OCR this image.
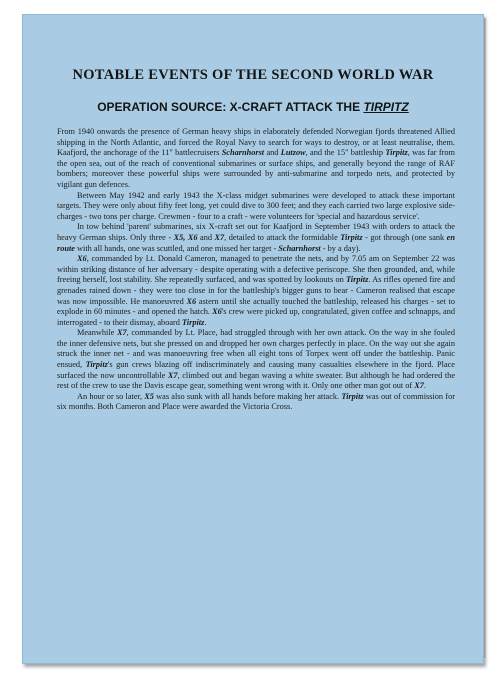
NOTABLE EVENTS OF THE SECOND WORLD WAR
OPERATION SOURCE: X-CRAFT ATTACK THE TIRPITZ

From 1940 onwards the presence of German heavy ships in elaborately defended Norwegian fjords threatened Allied shipping in the North Atlantic, and forced the Royal Navy to search for ways to destroy, or at least neutralise, them. Kaafjord, the anchorage of the 11" battlecruisers Scharnhorst and Lutzow, and the 15" battleship Tirpitz, was far from the open sea, out of the reach of conventional submarines or surface ships, and generally beyond the range of RAF bombers; moreover these powerful ships were surrounded by anti-submarine and torpedo nets, and protected by vigilant gun defences.

Between May 1942 and early 1943 the X-class midget submarines were developed to attack these important targets. They were only about fifty feet long, yet could dive to 300 feet; and they each carried two large explosive side-charges - two tons per charge. Crewmen - four to a craft - were volunteers for 'special and hazardous service'.

In tow behind 'parent' submarines, six X-craft set out for Kaafjord in September 1943 with orders to attack the heavy German ships. Only three - X5, X6 and X7, detailed to attack the formidable Tirpitz - got through (one sank en route with all hands, one was scuttled, and one missed her target - Scharnhorst - by a day).

X6, commanded by Lt. Donald Cameron, managed to penetrate the nets, and by 7.05 am on September 22 was within striking distance of her adversary - despite operating with a defective periscope. She then grounded, and, while freeing herself, lost stability. She repeatedly surfaced, and was spotted by lookouts on Tirpitz. As rifles opened fire and grenades rained down - they were too close in for the battleship's bigger guns to bear - Cameron realised that escape was now impossible. He manoeuvred X6 astern until she actually touched the battleship, released his charges - set to explode in 60 minutes - and opened the hatch. X6's crew were picked up, congratulated, given coffee and schnapps, and interrogated - to their dismay, aboard Tirpitz.

Meanwhile X7, commanded by Lt. Place, had struggled through with her own attack. On the way in she fouled the inner defensive nets, but she pressed on and dropped her own charges perfectly in place. On the way out she again struck the inner net - and was manoeuvring free when all eight tons of Torpex went off under the battleship. Panic ensued, Tirpitz's gun crews blazing off indiscriminately and causing many casualties elsewhere in the fjord. Place surfaced the now uncontrollable X7, climbed out and began waving a white sweater. But although he had ordered the rest of the crew to use the Davis escape gear, something went wrong with it. Only one other man got out of X7.

An hour or so later, X5 was also sunk with all hands before making her attack. Tirpitz was out of commission for six months. Both Cameron and Place were awarded the Victoria Cross.
